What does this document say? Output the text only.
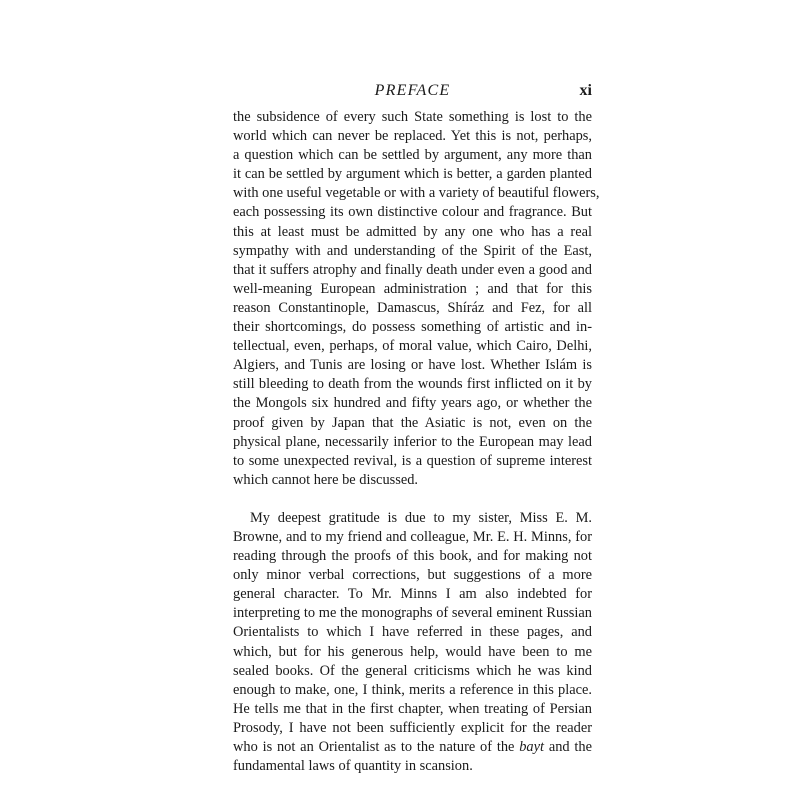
PREFACE	xi

the subsidence of every such State something is lost to the
world which can never be replaced. Yet this is not, perhaps,
a question which can be settled by argument, any more than
it can be settled by argument which is better, a garden planted
with one useful vegetable or with a variety of beautiful flowers,
each possessing its own distinctive colour and fragrance. But
this at least must be admitted by any one who has a real
sympathy with and understanding of the Spirit of the East,
that it suffers atrophy and finally death under even a good and
well-meaning European administration ; and that for this
reason Constantinople, Damascus, Shíráz and Fez, for all
their shortcomings, do possess something of artistic and in-
tellectual, even, perhaps, of moral value, which Cairo, Delhi,
Algiers, and Tunis are losing or have lost. Whether Islám is
still bleeding to death from the wounds first inflicted on it by
the Mongols six hundred and fifty years ago, or whether the
proof given by Japan that the Asiatic is not, even on the
physical plane, necessarily inferior to the European may lead
to some unexpected revival, is a question of supreme interest
which cannot here be discussed.

My deepest gratitude is due to my sister, Miss E. M.
Browne, and to my friend and colleague, Mr. E. H. Minns, for
reading through the proofs of this book, and for making not
only minor verbal corrections, but suggestions of a more
general character. To Mr. Minns I am also indebted for
interpreting to me the monographs of several eminent Russian
Orientalists to which I have referred in these pages, and
which, but for his generous help, would have been to me
sealed books. Of the general criticisms which he was kind
enough to make, one, I think, merits a reference in this place.
He tells me that in the first chapter, when treating of Persian
Prosody, I have not been sufficiently explicit for the reader
who is not an Orientalist as to the nature of the bayt and the
fundamental laws of quantity in scansion.
